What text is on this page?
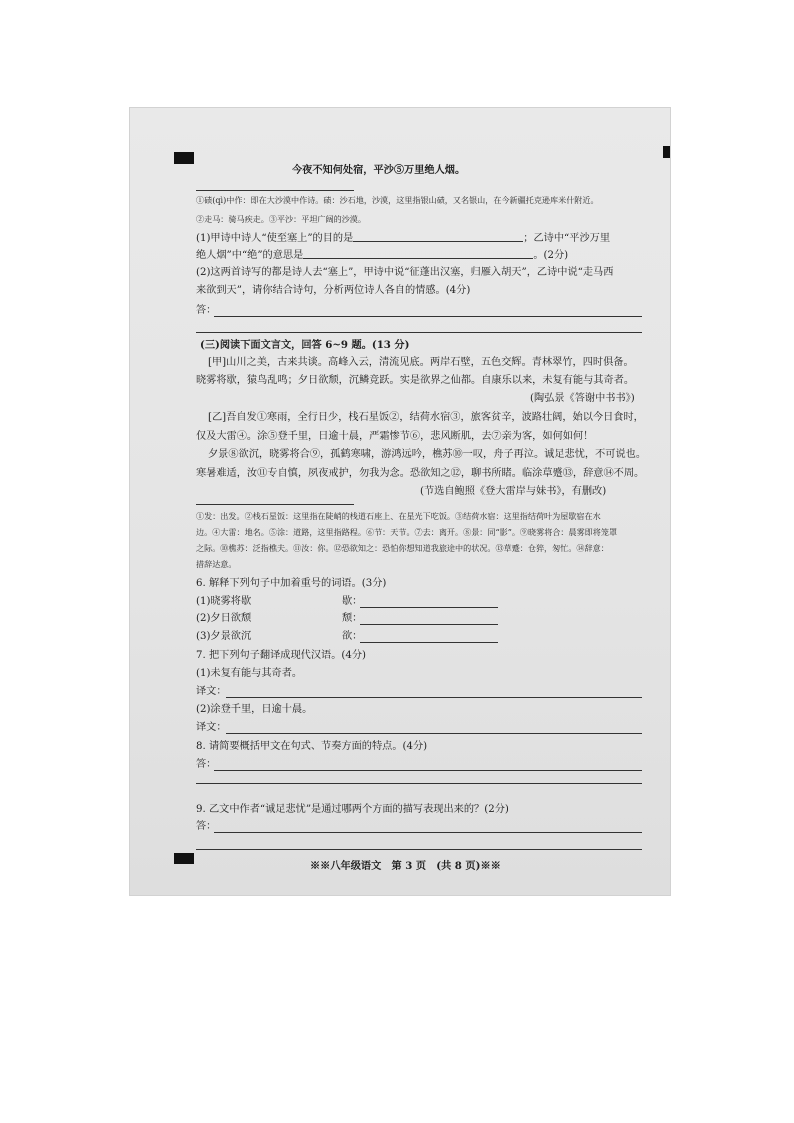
今夜不知何处宿，平沙⑤万里绝人烟。
①碛(qì)中作：即在大沙漠中作诗。碛：沙石地，沙漠，这里指银山碛，又名银山，在今新疆托克逊库米什附近。
②走马：骑马疾走。③平沙：平坦广阔的沙漠。
(1)甲诗中诗人“使至塞上”的目的是	；乙诗中“平沙万里
绝人烟”中“绝”的意思是	。(2分)
(2)这两首诗写的都是诗人去“塞上”，甲诗中说“征蓬出汉塞，归雁入胡天”，乙诗中说“走马西
来欲到天”，请你结合诗句，分析两位诗人各自的情感。(4分)
答：
(三)阅读下面文言文，回答 6~9 题。(13 分)
[甲]山川之美，古来共谈。高峰入云，清流见底。两岸石壁，五色交辉。青林翠竹，四时俱备。
晓雾将歇，猿鸟乱鸣；夕日欲颓，沉鳞竞跃。实是欲界之仙都。自康乐以来，未复有能与其奇者。
(陶弘景《答谢中书书》)
[乙]吾自发①寒雨，全行日少，栈石星饭②，结荷水宿③，旅客贫辛，波路壮阔，始以今日食时，
仅及大雷④。涂⑤登千里，日逾十晨，严霜惨节⑥，悲风断肌，去⑦亲为客，如何如何！
夕景⑧欲沉，晓雾将合⑨，孤鹤寒啸，游鸿远吟，樵苏⑩一叹，舟子再泣。诚足悲忧，不可说也。
寒暑难适，汝⑪专自慎，夙夜戒护，勿我为念。恐欲知之⑫，聊书所睹。临涂草蹙⑬，辞意⑭不周。
(节选自鲍照《登大雷岸与妹书》，有删改)
①发：出发。②栈石星饭：这里指在陡峭的栈道石座上、在星光下吃饭。③结荷水宿：这里指结荷叶为屋歇宿在水
边。④大雷：地名。⑤涂：道路，这里指路程。⑥节：天节。⑦去：离开。⑧景：同“影”。⑨晓雾将合：晨雾即将笼罩
之际。⑩樵苏：泛指樵夫。⑪汝：你。⑫恐欲知之：恐怕你想知道我旅途中的状况。⑬草蹙：仓猝，匆忙。⑭辞意：
措辞达意。
6. 解释下列句子中加着重号的词语。(3分)
(1)晓雾将歇	歇：
(2)夕日欲颓	颓：
(3)夕景欲沉	欲：
7. 把下列句子翻译成现代汉语。(4分)
(1)未复有能与其奇者。
译文：
(2)涂登千里，日逾十晨。
译文：
8. 请简要概括甲文在句式、节奏方面的特点。(4分)
答：
9. 乙文中作者“诚足悲忧”是通过哪两个方面的描写表现出来的？(2分)
答：
※※八年级语文　第 3 页　(共 8 页)※※
